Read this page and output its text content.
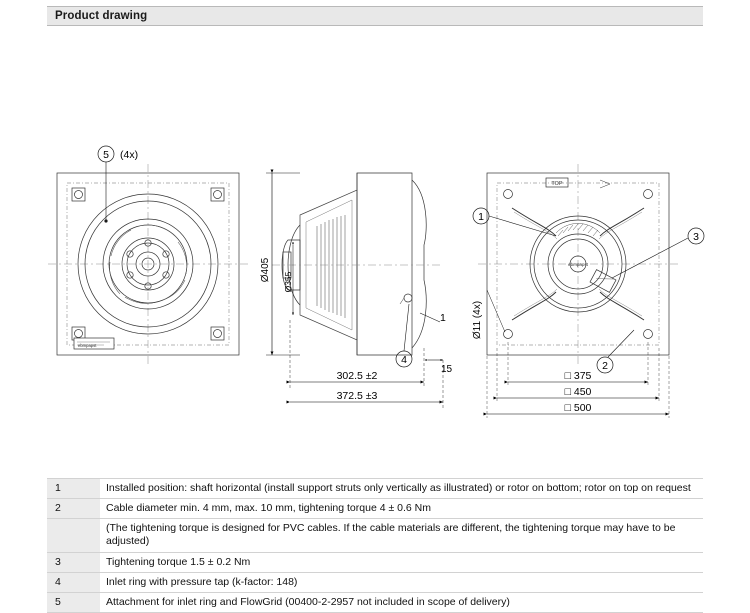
Product drawing
ebmpapst
5 (4x)
Ø405 Ø355
302.5 ±2
372.5 ±3
15
1
4
ebmpapst
TOP
1
3
2
Ø11 (4x)
□ 375
□ 450
□ 500
1	Installed position: shaft horizontal (install support struts only vertically as illustrated) or rotor on bottom; rotor on top on request
2	Cable diameter min. 4 mm, max. 10 mm, tightening torque 4 ± 0.6 Nm
	(The tightening torque is designed for PVC cables. If the cable materials are different, the tightening torque may have to be adjusted)
3	Tightening torque 1.5 ± 0.2 Nm
4	Inlet ring with pressure tap (k-factor: 148)
5	Attachment for inlet ring and FlowGrid (00400-2-2957 not included in scope of delivery)
